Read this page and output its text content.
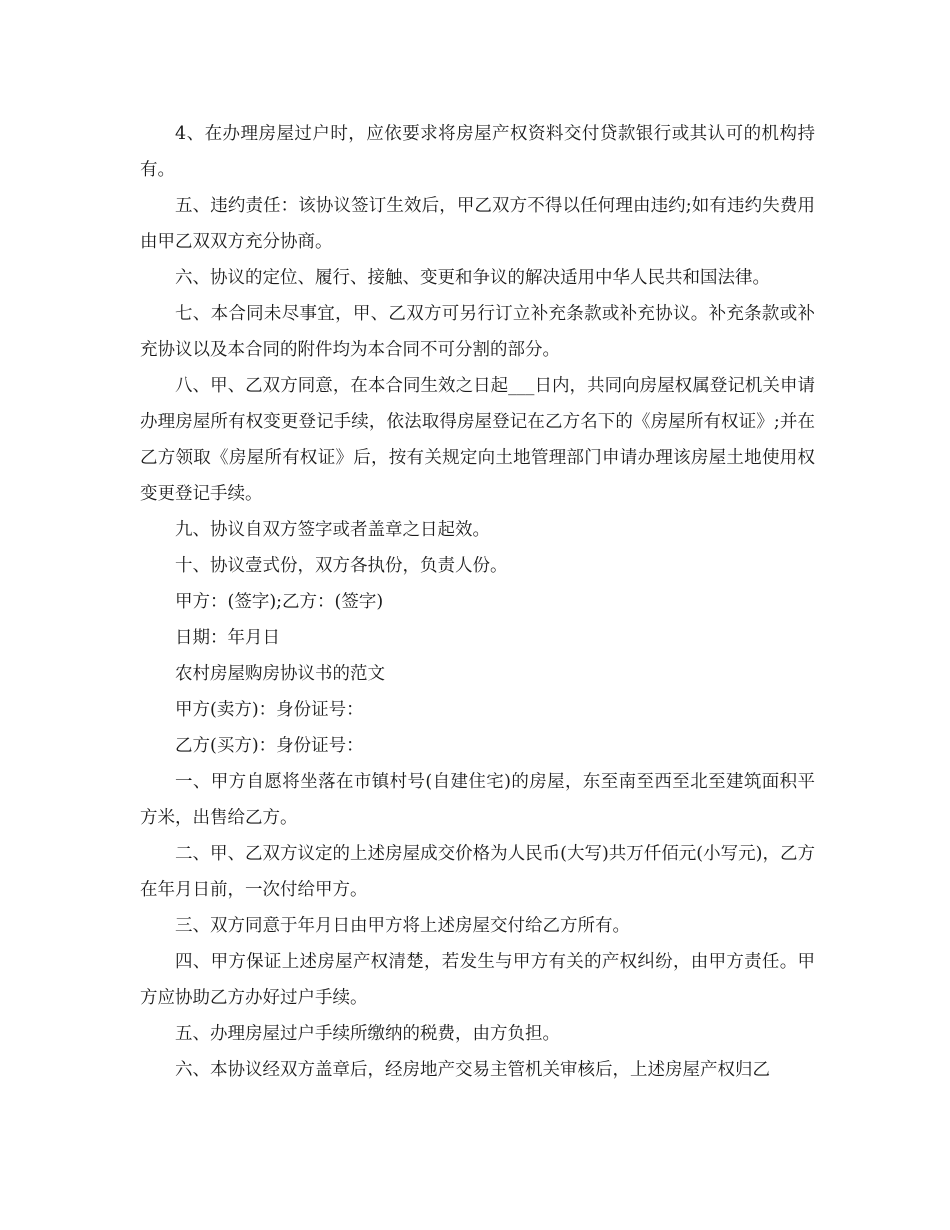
4、在办理房屋过户时，应依要求将房屋产权资料交付贷款银行或其认可的机构持有。

五、违约责任：该协议签订生效后，甲乙双方不得以任何理由违约;如有违约失费用由甲乙双双方充分协商。

六、协议的定位、履行、接触、变更和争议的解决适用中华人民共和国法律。

七、本合同未尽事宜，甲、乙双方可另行订立补充条款或补充协议。补充条款或补充协议以及本合同的附件均为本合同不可分割的部分。

八、甲、乙双方同意，在本合同生效之日起___日内，共同向房屋权属登记机关申请办理房屋所有权变更登记手续，依法取得房屋登记在乙方名下的《房屋所有权证》;并在乙方领取《房屋所有权证》后，按有关规定向土地管理部门申请办理该房屋土地使用权变更登记手续。

九、协议自双方签字或者盖章之日起效。

十、协议壹式份，双方各执份，负责人份。

甲方：(签字);乙方：(签字)

日期：年月日

农村房屋购房协议书的范文

甲方(卖方)：身份证号：

乙方(买方)：身份证号：

一、甲方自愿将坐落在市镇村号(自建住宅)的房屋，东至南至西至北至建筑面积平方米，出售给乙方。

二、甲、乙双方议定的上述房屋成交价格为人民币(大写)共万仟佰元(小写元)，乙方在年月日前，一次付给甲方。

三、双方同意于年月日由甲方将上述房屋交付给乙方所有。

四、甲方保证上述房屋产权清楚，若发生与甲方有关的产权纠纷，由甲方责任。甲方应协助乙方办好过户手续。

五、办理房屋过户手续所缴纳的税费，由方负担。

六、本协议经双方盖章后，经房地产交易主管机关审核后，上述房屋产权归乙
